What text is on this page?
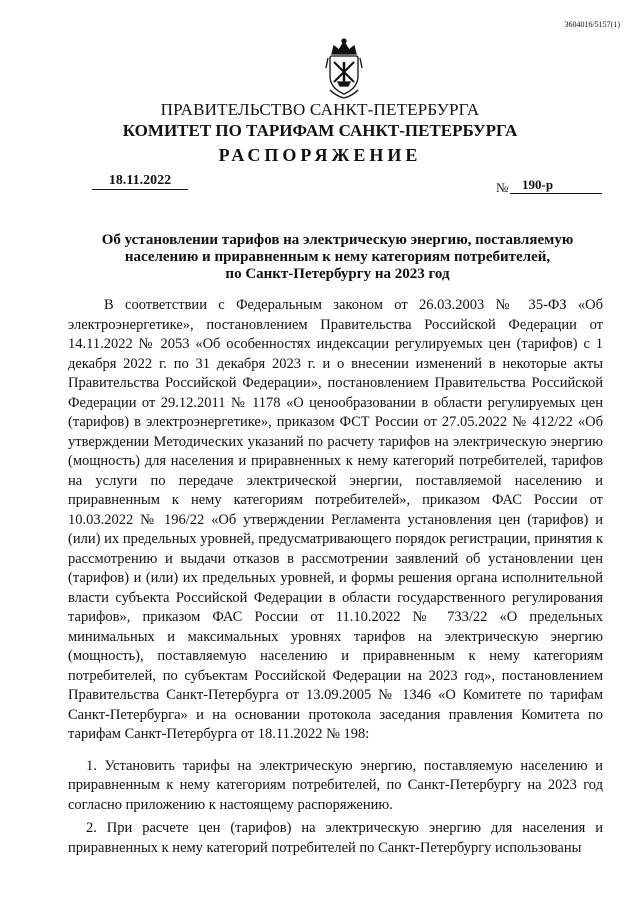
3604016/5157(1)
ПРАВИТЕЛЬСТВО САНКТ-ПЕТЕРБУРГА
КОМИТЕТ ПО ТАРИФАМ САНКТ-ПЕТЕРБУРГА
РАСПОРЯЖЕНИЕ
18.11.2022	№	190-р
Об установлении тарифов на электрическую энергию, поставляемую
населению и приравненным к нему категориям потребителей,
по Санкт-Петербургу на 2023 год

В соответствии с Федеральным законом от 26.03.2003 № 35-ФЗ «Об электроэнергетике», постановлением Правительства Российской Федерации от 14.11.2022 № 2053 «Об особенностях индексации регулируемых цен (тарифов) с 1 декабря 2022 г. по 31 декабря 2023 г. и о внесении изменений в некоторые акты Правительства Российской Федерации», постановлением Правительства Российской Федерации от 29.12.2011 № 1178 «О ценообразовании в области регулируемых цен (тарифов) в электроэнергетике», приказом ФСТ России от 27.05.2022 № 412/22 «Об утверждении Методических указаний по расчету тарифов на электрическую энергию (мощность) для населения и приравненных к нему категорий потребителей, тарифов на услуги по передаче электрической энергии, поставляемой населению и приравненным к нему категориям потребителей», приказом ФАС России от 10.03.2022 № 196/22 «Об утверждении Регламента установления цен (тарифов) и (или) их предельных уровней, предусматривающего порядок регистрации, принятия к рассмотрению и выдачи отказов в рассмотрении заявлений об установлении цен (тарифов) и (или) их предельных уровней, и формы решения органа исполнительной власти субъекта Российской Федерации в области государственного регулирования тарифов», приказом ФАС России от 11.10.2022 № 733/22 «О предельных минимальных и максимальных уровнях тарифов на электрическую энергию (мощность), поставляемую населению и приравненным к нему категориям потребителей, по субъектам Российской Федерации на 2023 год», постановлением Правительства Санкт-Петербурга от 13.09.2005 № 1346 «О Комитете по тарифам Санкт-Петербурга» и на основании протокола заседания правления Комитета по тарифам Санкт-Петербурга от 18.11.2022 № 198:

1. Установить тарифы на электрическую энергию, поставляемую населению и приравненным к нему категориям потребителей, по Санкт-Петербургу на 2023 год согласно приложению к настоящему распоряжению.

2. При расчете цен (тарифов) на электрическую энергию для населения и приравненных к нему категорий потребителей по Санкт-Петербургу использованы
